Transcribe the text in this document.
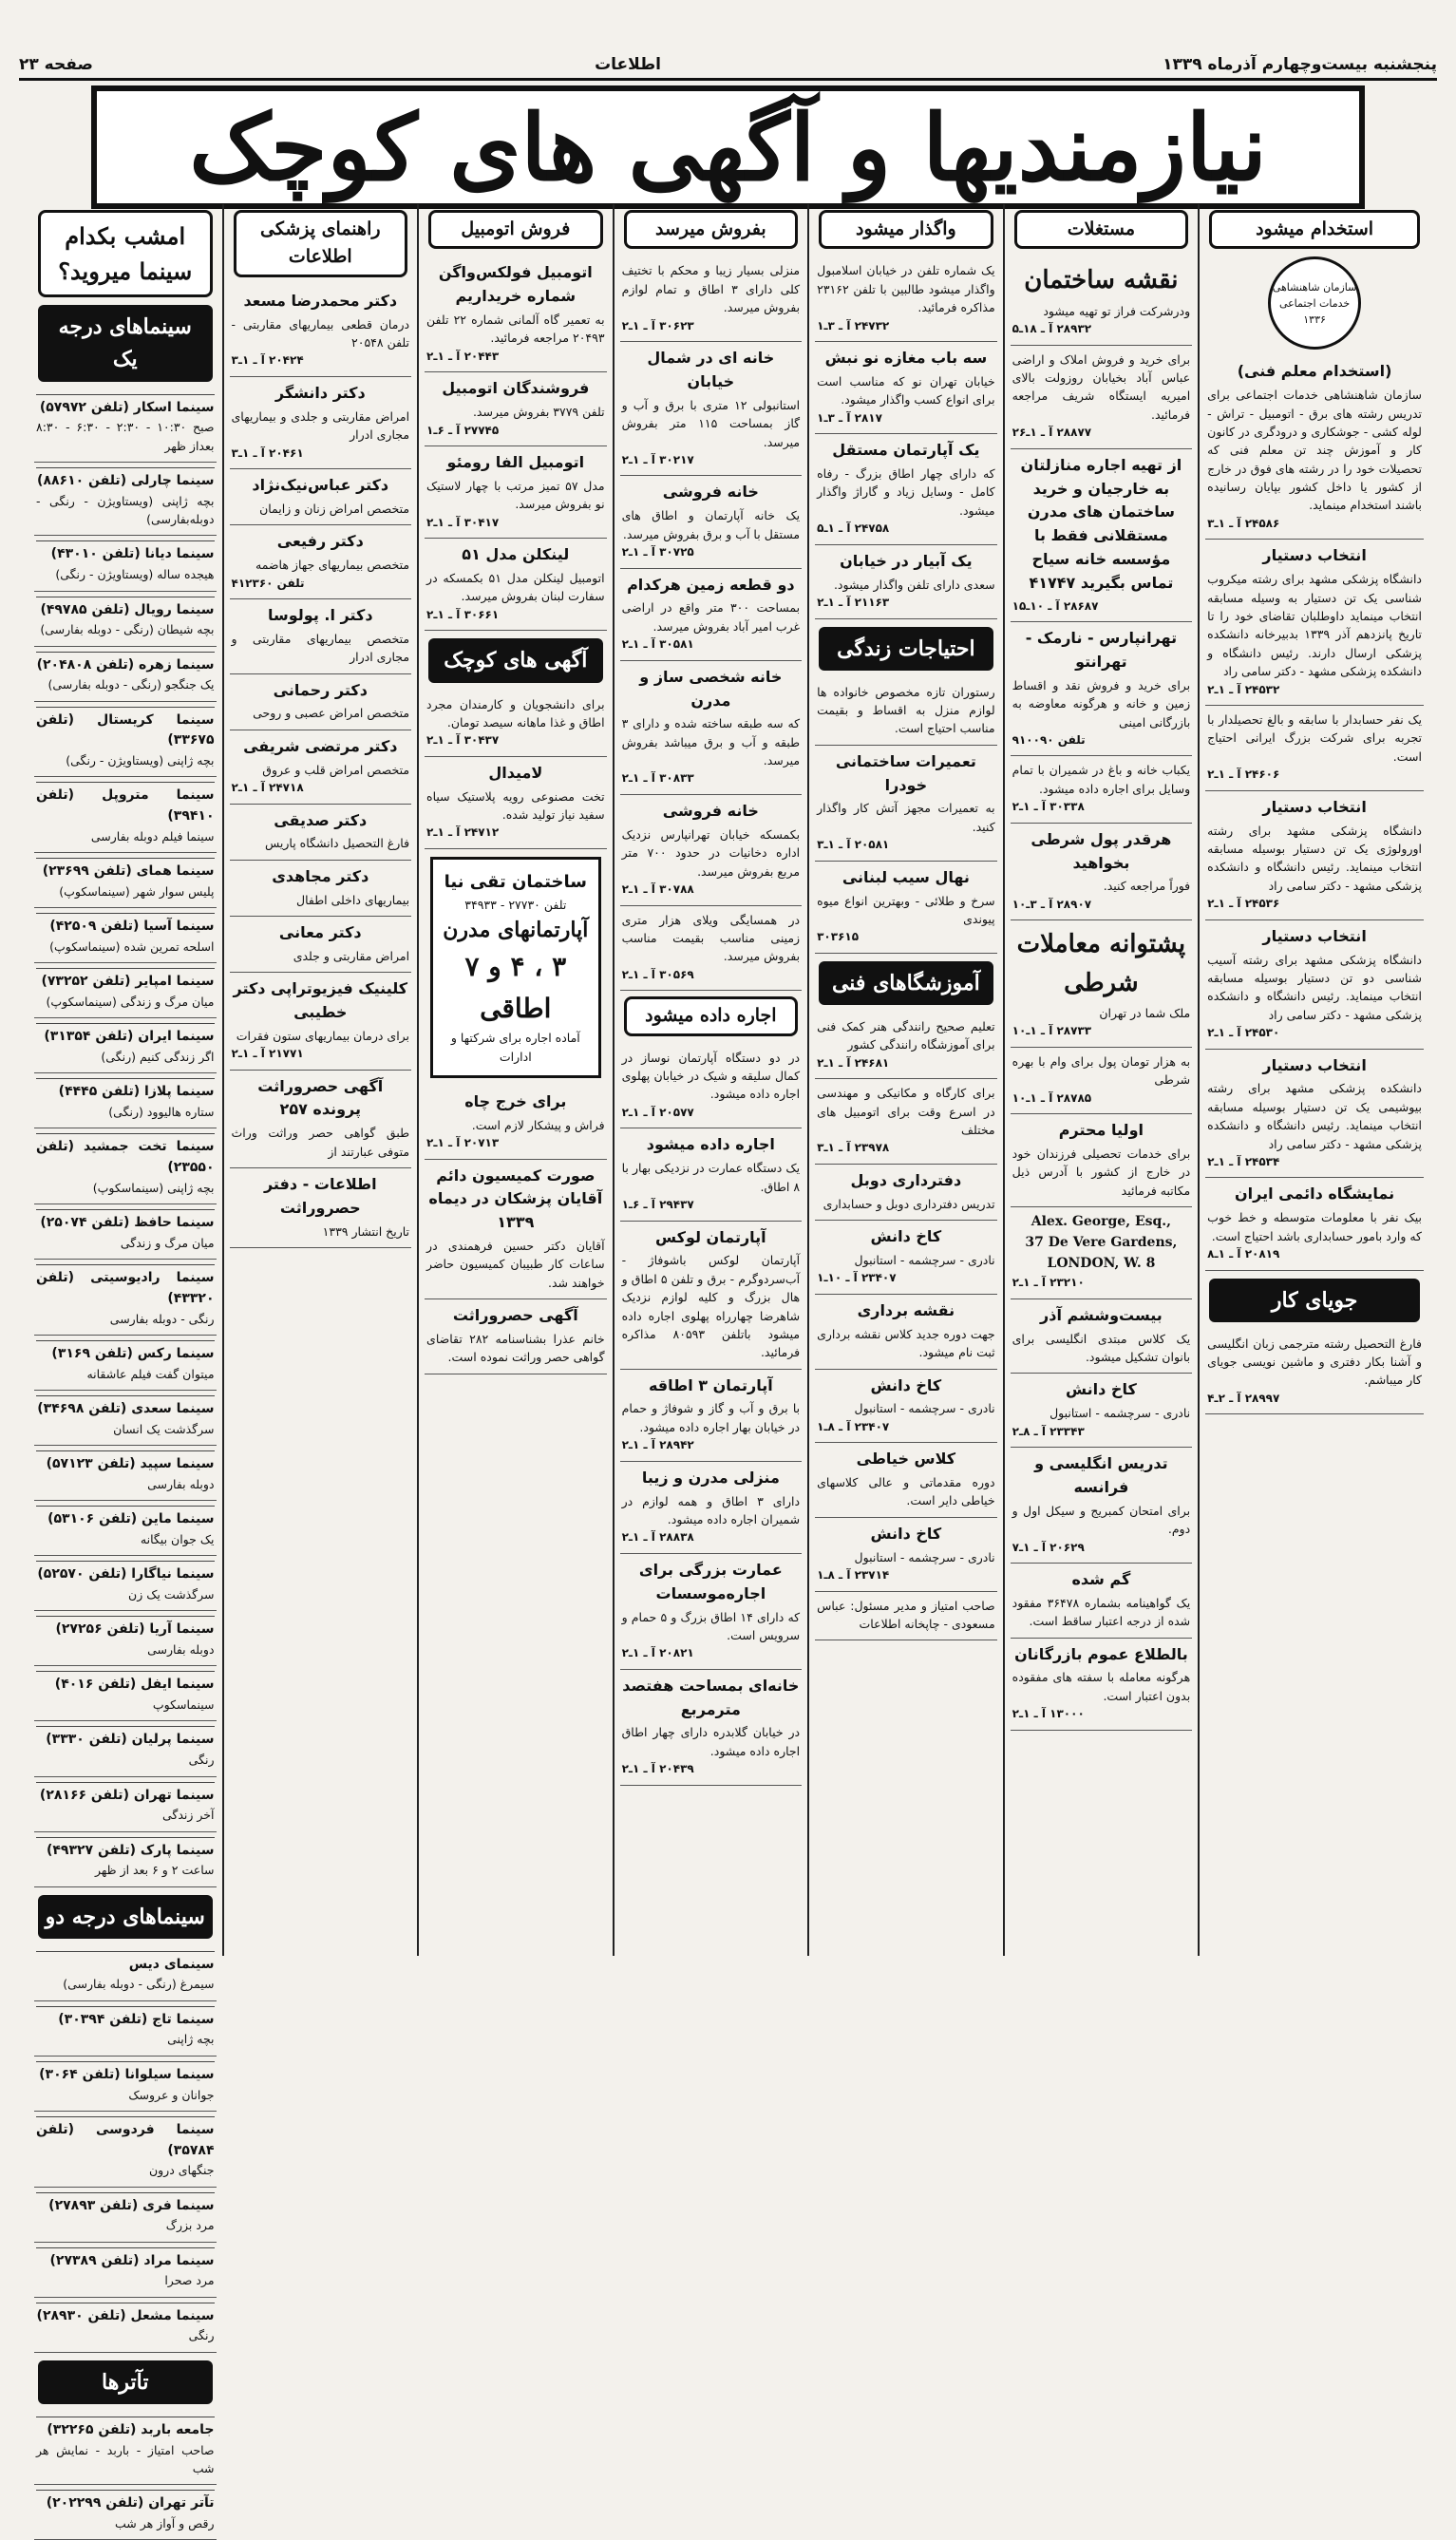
پنجشنبه بیست‌وچهارم آذرماه ۱۳۳۹
اطلاعات
صفحه ۲۳
نیازمندیها و آگهی های کوچک
استخدام میشود
سازمان شاهنشاهی خدمات اجتماعی ۱۳۳۶
(استخدام معلم فنی)
سازمان شاهنشاهی خدمات اجتماعی برای تدریس رشته های برق - اتومبیل - تراش - لوله کشی - جوشکاری و درودگری در کانون کار و آموزش چند تن معلم فنی که تحصیلات خود را در رشته های فوق در خارج از کشور یا داخل کشور بپایان رسانیده باشند استخدام مینماید.
۲۴۵۸۶ آ ـ ۱ـ۳
انتخاب دستیار
دانشگاه پزشکی مشهد برای رشته میکروب شناسی یک تن دستیار به وسیله مسابقه انتخاب مینماید داوطلبان تقاضای خود را تا تاریخ پانزدهم آذر ۱۳۳۹ بدبیرخانه دانشکده پزشکی ارسال دارند. رئیس دانشگاه و دانشکده پزشکی مشهد - دکتر سامی راد
۲۴۵۳۲ آ ـ ۱ـ۲
یک نفر حسابدار با سابقه و بالغ تحصیلدار با تجربه برای شرکت بزرگ ایرانی احتیاج است.
۲۴۶۰۶ آ ـ ۱ـ۲
انتخاب دستیار
دانشگاه پزشکی مشهد برای رشته اورولوژی یک تن دستیار بوسیله مسابقه انتخاب مینماید. رئیس دانشگاه و دانشکده پزشکی مشهد - دکتر سامی راد
۲۴۵۳۶ آ ـ ۱ـ۲
انتخاب دستیار
دانشگاه پزشکی مشهد برای رشته آسیب شناسی دو تن دستیار بوسیله مسابقه انتخاب مینماید. رئیس دانشگاه و دانشکده پزشکی مشهد - دکتر سامی راد
۲۴۵۳۰ آ ـ ۱ـ۲
انتخاب دستیار
دانشکده پزشکی مشهد برای رشته بیوشیمی یک تن دستیار بوسیله مسابقه انتخاب مینماید. رئیس دانشگاه و دانشکده پزشکی مشهد - دکتر سامی راد
۲۴۵۳۴ آ ـ ۱ـ۲
نمایشگاه دائمی ایران
بیک نفر با معلومات متوسطه و خط خوب که وارد بامور حسابداری باشد احتیاج است.
۲۰۸۱۹ آ ـ ۱ـ۸
جویای کار
فارغ التحصیل رشته مترجمی زبان انگلیسی و آشنا بکار دفتری و ماشین نویسی جویای کار میباشم.
۲۸۹۹۷ آ ـ ۲ـ۴
مستغلات
نقشه ساختمان
ودرشرکت فراز تو تهیه میشود
۲۸۹۳۲ آ ـ ۱۸ـ۵
برای خرید و فروش املاک و اراضی عباس آباد بخیابان روزولت بالای امیریه ایستگاه شریف مراجعه فرمائید.
۲۸۸۷۷ آ ـ ۱ـ۲۶
از تهیه اجاره منازلتان به خارجیان و خرید ساختمان های مدرن مستقلانی فقط با مؤسسه خانه سیاح تماس بگیرید ۴۱۷۴۷
۲۸۶۸۷ آ ـ ۱۰ـ۱۵
تهرانپارس - نارمک - تهرانتو
برای خرید و فروش نقد و اقساط زمین و خانه و هرگونه معاوضه به بازرگانی امینی
تلفن ۹۱۰۰۹۰
یکباب خانه و باغ در شمیران با تمام وسایل برای اجاره داده میشود.
۳۰۳۳۸ آ ـ ۱ـ۲
هرقدر پول شرطی بخواهید
فوراً مراجعه کنید.
۲۸۹۰۷ آ ـ ۳ـ۱۰
پشتوانه معاملات شرطی
ملک شما در تهران
۲۸۷۳۳ آ ـ ۱ـ۱۰
به هزار تومان پول برای وام با بهره شرطی
۲۸۷۸۵ آ ـ ۱ـ۱۰
اولیا محترم
برای خدمات تحصیلی فرزندان خود در خارج از کشور با آدرس ذیل مکاتبه فرمائید
Alex. George, Esq.,
37 De Vere Gardens,
LONDON, W. 8
۲۳۲۱۰ آ ـ ۱ـ۲
بیست‌وششم آذر
یک کلاس مبتدی انگلیسی برای بانوان تشکیل میشود.
کاخ دانش
نادری - سرچشمه - استانبول
۲۳۳۴۳ آ ـ ۸ـ۲
تدریس انگلیسی و فرانسه
برای امتحان کمبریج و سیکل اول و دوم.
۲۰۶۲۹ آ ـ ۱ـ۷
گم شده
یک گواهینامه بشماره ۳۶۴۷۸ مفقود شده از درجه اعتبار ساقط است.
بالطلاع عموم بازرگانان
هرگونه معامله با سفته های مفقوده بدون اعتبار است.
۱۳۰۰۰ آ ـ ۱ـ۲
واگذار میشود
یک شماره تلفن در خیابان اسلامبول واگذار میشود طالبین با تلفن ۲۳۱۶۲ مذاکره فرمائید.
۲۴۷۳۲ آ ـ ۳ـ۱
سه باب مغازه نو نبش
خیابان تهران نو که مناسب است برای انواع کسب واگذار میشود.
۲۸۱۷ آ ـ ۳ـ۱
یک آپارتمان مستقل
که دارای چهار اطاق بزرگ - رفاه کامل - وسایل زیاد و گاراژ واگذار میشود.
۲۴۷۵۸ آ ـ ۱ـ۵
یک آبیار در خیابان
سعدی دارای تلفن واگذار میشود.
۲۱۱۶۳ آ ـ ۱ـ۲
احتیاجات زندگی
رستوران تازه مخصوص خانواده ها لوازم منزل به اقساط و بقیمت مناسب احتیاج است.
تعمیرات ساختمانی خودرا
به تعمیرات مجهز آتش کار واگذار کنید.
۲۰۵۸۱ آ ـ ۱ـ۳
نهال سیب لبنانی
سرخ و طلائی - وبهترین انواع میوه پیوندی
۳۰۳۶۱۵
آموزشگاهای فنی
تعلیم صحیح رانندگی هنر کمک فنی برای آموزشگاه رانندگی کشور
۲۴۶۸۱ آ ـ ۱ـ۲
برای کارگاه و مکانیکی و مهندسی در اسرع وقت برای اتومبیل های مختلف
۲۳۹۷۸ آ ـ ۱ـ۳
دفترداری دوبل
تدریس دفترداری دوبل و حسابداری
کاخ دانش
نادری - سرچشمه - استانبول
۲۳۴۰۷ آ ـ ۱۰ـ۱
نقشه برداری
جهت دوره جدید کلاس نقشه برداری ثبت نام میشود.
کاخ دانش
نادری - سرچشمه - استانبول
۲۳۴۰۷ آ ـ ۸ـ۱
کلاس خیاطی
دوره مقدماتی و عالی کلاسهای خیاطی دایر است.
کاخ دانش
نادری - سرچشمه - استانبول
۲۳۷۱۴ آ ـ ۸ـ۱
صاحب امتیاز و مدیر مسئول: عباس مسعودی - چاپخانه اطلاعات
بفروش میرسد
منزلی بسیار زیبا و محکم با تختیف کلی دارای ۳ اطاق و تمام لوازم بفروش میرسد.
۳۰۶۲۳ آ ـ ۱ـ۲
خانه ای در شمال خیابان
استانبولی ۱۲ متری با برق و آب و گاز بمساحت ۱۱۵ متر بفروش میرسد.
۳۰۲۱۷ آ ـ ۱ـ۲
خانه فروشی
یک خانه آپارتمان و اطاق های مستقل با آب و برق بفروش میرسد.
۳۰۷۲۵ آ ـ ۱ـ۲
دو قطعه زمین هرکدام
بمساحت ۳۰۰ متر واقع در اراضی غرب امیر آباد بفروش میرسد.
۳۰۵۸۱ آ ـ ۱ـ۲
خانه شخصی ساز و مدرن
که سه طبقه ساخته شده و دارای ۳ طبقه و آب و برق میباشد بفروش میرسد.
۳۰۸۳۳ آ ـ ۱ـ۲
خانه فروشی
بکمسکه خیابان تهرانپارس نزدیک اداره دخانیات در حدود ۷۰۰ متر مربع بفروش میرسد.
۳۰۷۸۸ آ ـ ۱ـ۲
در همسایگی ویلای هزار متری زمینی مناسب بقیمت مناسب بفروش میرسد.
۳۰۵۶۹ آ ـ ۱ـ۲
اجاره داده میشود
در دو دستگاه آپارتمان نوساز در کمال سلیقه و شیک در خیابان پهلوی اجاره داده میشود.
۲۰۵۷۷ آ ـ ۱ـ۲
اجاره داده میشود
یک دستگاه عمارت در نزدیکی بهار با ۸ اطاق.
۲۹۴۳۷ آ ـ ۶ـ۱
آپارتمان لوکس
آپارتمان لوکس باشوفاژ - آب‌سردوگرم - برق و تلفن ۵ اطاق و هال بزرگ و کلیه لوازم نزدیک شاهرضا چهارراه پهلوی اجاره داده میشود باتلفن ۸۰۵۹۳ مذاکره فرمائید.
آپارتمان ۳ اطاقه
با برق و آب و گاز و شوفاژ و حمام در خیابان بهار اجاره داده میشود.
۲۸۹۴۲ آ ـ ۱ـ۲
منزلی مدرن و زیبا
دارای ۳ اطاق و همه لوازم در شمیران اجاره داده میشود.
۲۸۸۳۸ آ ـ ۱ـ۲
عمارت بزرگی برای اجاره‌موسسات
که دارای ۱۴ اطاق بزرگ و ۵ حمام و سرویس است.
۲۰۸۲۱ آ ـ ۱ـ۲
خانه‌ای بمساحت هفتصد مترمربع
در خیابان گلابدره دارای چهار اطاق اجاره داده میشود.
۲۰۴۳۹ آ ـ ۱ـ۲
فروش اتومبیل
اتومبیل فولکس‌واگن شماره خریداریم
به تعمیر گاه آلمانی شماره ۲۲ تلفن ۲۰۴۹۳ مراجعه فرمائید.
۲۰۴۴۳ آ ـ ۱ـ۲
فروشندگان اتومبیل
تلفن ۳۷۷۹ بفروش میرسد.
۲۷۷۴۵ آ ـ ۶ـ۱
اتومبیل الفا رومئو
مدل ۵۷ تمیز مرتب با چهار لاستیک نو بفروش میرسد.
۳۰۴۱۷ آ ـ ۱ـ۲
لینکلن مدل ۵۱
اتومبیل لینکلن مدل ۵۱ بکمسکه در سفارت لبنان بفروش میرسد.
۳۰۶۶۱ آ ـ ۱ـ۲
آگهی های کوچک
برای دانشجویان و کارمندان مجرد اطاق و غذا ماهانه سیصد تومان.
۳۰۴۳۷ آ ـ ۱ـ۲
لامیدال
تخت مصنوعی رویه پلاستیک سیاه سفید نیاز تولید شده.
۲۴۷۱۲ آ ـ ۱ـ۲
ساختمان تقی نیا
تلفن ۲۷۷۳۰ - ۳۴۹۳۳
آپارتمانهای مدرن
۳ ، ۴ و ۷ اطاقی
آماده اجاره برای شرکتها و ادارات
برای خرج چاه
فراش و پیشکار لازم است.
۲۰۷۱۳ آ ـ ۱ـ۲
صورت کمیسیون دائم آقایان پزشکان در دیماه ۱۳۳۹
آقایان دکتر حسین فرهمندی در ساعات کار طبیبان کمیسیون حاضر خواهند شد.
آگهی حصروراثت
خانم عذرا بشناسنامه ۲۸۲ تقاضای گواهی حصر وراثت نموده است.
راهنمای پزشکی اطلاعات
دکتر محمدرضا مسعد
درمان قطعی بیماریهای مقاربتی - تلفن ۲۰۵۴۸
۲۰۴۲۴ آ ـ ۱ـ۳
دکتر دانشگر
امراض مقاربتی و جلدی و بیماریهای مجاری ادرار
۲۰۴۶۱ آ ـ ۱ـ۳
دکتر عباس‌نیک‌نژاد
متخصص امراض زنان و زایمان
دکتر رفیعی
متخصص بیماریهای جهاز هاضمه
تلفن ۴۱۲۳۶۰
دکتر ا. پولوسا
متخصص بیماریهای مقاربتی و مجاری ادرار
دکتر رحمانی
متخصص امراض عصبی و روحی
دکتر مرتضی شریفی
متخصص امراض قلب و عروق
۲۴۷۱۸ آ ـ ۱ـ۲
دکتر صدیقی
فارغ التحصیل دانشگاه پاریس
دکتر مجاهدی
بیماریهای داخلی اطفال
دکتر معانی
امراض مقاربتی و جلدی
کلینیک فیزیوتراپی دکتر خطیبی
برای درمان بیماریهای ستون فقرات
۲۱۷۷۱ آ ـ ۱ـ۲
آگهی حصروراثت پرونده ۲۵۷
طبق گواهی حصر وراثت وراث متوفی عبارتند از
اطلاعات - دفتر حصروراثت
تاریخ انتشار ۱۳۳۹
امشب بکدام سینما میروید؟
سینماهای درجه یک
سینما اسکار (تلفن ۵۷۹۷۲)
صبح ۱۰:۳۰ - ۲:۳۰ - ۶:۳۰ - ۸:۳۰ بعداز ظهر
سینما چارلی (تلفن ۸۸۶۱۰)
بچه ژاپنی (ویستاویژن - رنگی - دوبله‌بفارسی)
سینما دیانا (تلفن ۴۳۰۱۰)
هیجده ساله (ویستاویژن - رنگی)
سینما رویال (تلفن ۴۹۷۸۵)
بچه شیطان (رنگی - دوبله بفارسی)
سینما زهره (تلفن ۲۰۴۸۰۸)
یک جنگجو (رنگی - دوبله بفارسی)
سینما کریستال (تلفن ۳۳۶۷۵)
بچه ژاپنی (ویستاویژن - رنگی)
سینما متروپل (تلفن ۳۹۴۱۰)
سینما فیلم دوبله بفارسی
سینما همای (تلفن ۲۳۶۹۹)
پلیس سوار شهر (سینماسکوپ)
سینما آسیا (تلفن ۴۲۵۰۹)
اسلحه تمرین شده (سینماسکوپ)
سینما امپایر (تلفن ۷۳۲۵۲)
میان مرگ و زندگی (سینماسکوپ)
سینما ایران (تلفن ۳۱۳۵۴)
اگر زندگی کنیم (رنگی)
سینما پلازا (تلفن ۴۴۴۵)
ستاره هالیوود (رنگی)
سینما تخت جمشید (تلفن ۲۳۵۵۰)
بچه ژاپنی (سینماسکوپ)
سینما حافظ (تلفن ۲۵۰۷۴)
میان مرگ و زندگی
سینما رادیوسیتی (تلفن ۴۳۳۲۰)
رنگی - دوبله بفارسی
سینما رکس (تلفن ۳۱۶۹)
میتوان گفت فیلم عاشقانه
سینما سعدی (تلفن ۳۴۶۹۸)
سرگذشت یک انسان
سینما سپید (تلفن ۵۷۱۲۳)
دوبله بفارسی
سینما ماین (تلفن ۵۳۱۰۶)
یک جوان بیگانه
سینما نیاگارا (تلفن ۵۲۵۷۰)
سرگذشت یک زن
سینما آریا (تلفن ۲۷۲۵۶)
دوبله بفارسی
سینما ایفل (تلفن ۴۰۱۶)
سینماسکوپ
سینما پرلیان (تلفن ۳۳۳۰)
رنگی
سینما تهران (تلفن ۲۸۱۶۶)
آخر زندگی
سینما پارک (تلفن ۴۹۳۲۷)
ساعت ۲ و ۶ بعد از ظهر
سینماهای درجه دو
سینمای دیس
سیمرغ (رنگی - دوبله بفارسی)
سینما تاج (تلفن ۳۰۳۹۴)
بچه ژاپنی
سینما سیلوانا (تلفن ۳۰۶۴)
جوانان و عروسک
سینما فردوسی (تلفن ۳۵۷۸۴)
جنگهای درون
سینما فری (تلفن ۲۷۸۹۳)
مرد بزرگ
سینما مراد (تلفن ۲۷۳۸۹)
مرد صحرا
سینما مشعل (تلفن ۲۸۹۳۰)
رنگی
تآترها
جامعه باربد (تلفن ۳۲۲۶۵)
صاحب امتیاز - باربد - نمایش هر شب
تآتر تهران (تلفن ۲۰۲۲۹۹)
رقص و آواز هر شب
